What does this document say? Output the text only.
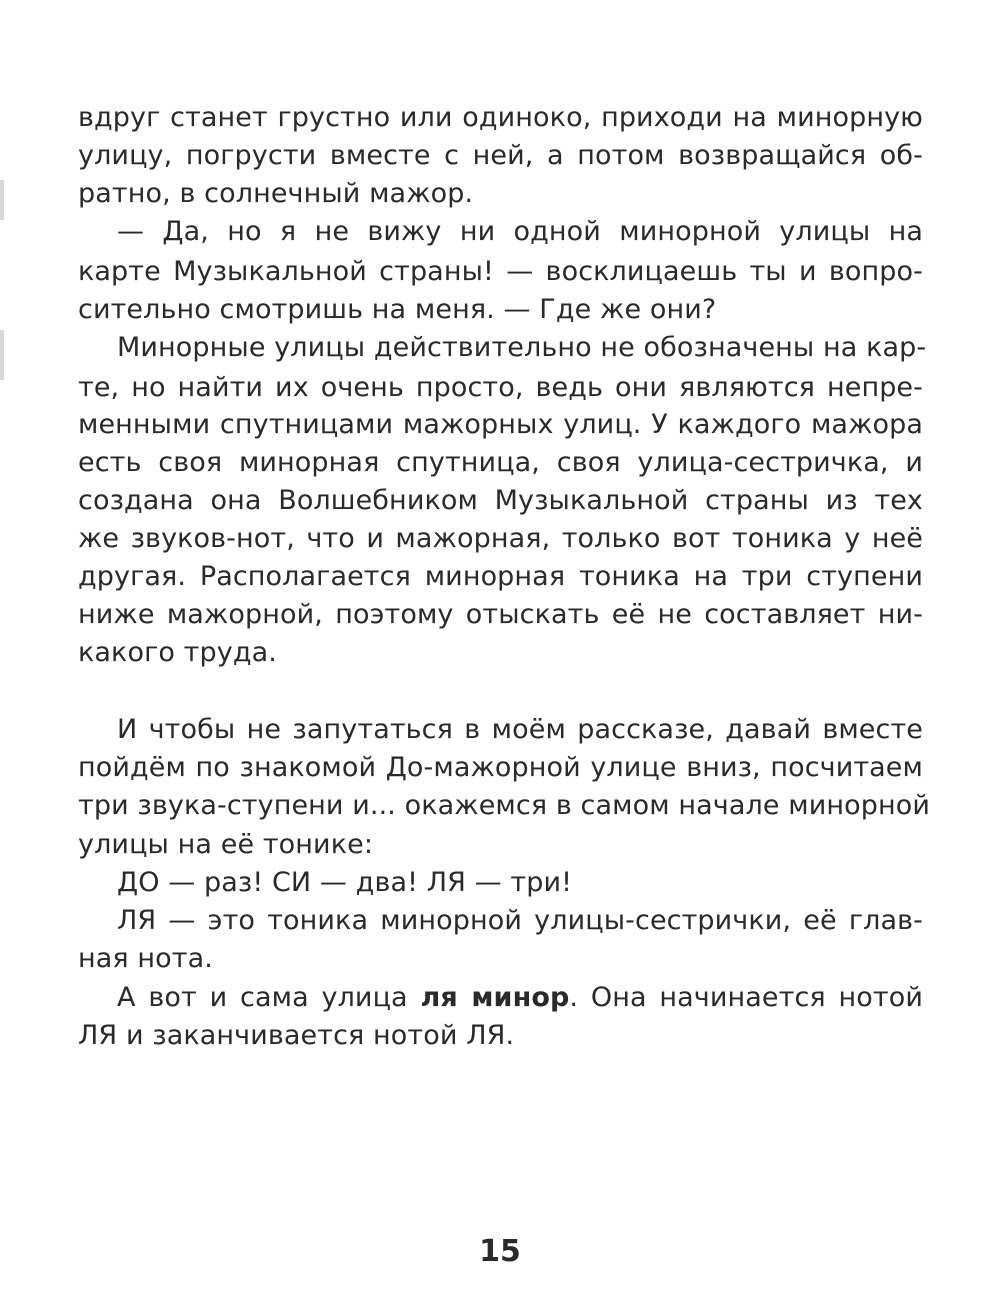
вдруг станет грустно или одиноко, приходи на минорную
улицу, погрусти вместе с ней, а потом возвращайся об-
ратно, в солнечный мажор.
— Да, но я не вижу ни одной минорной улицы на
карте Музыкальной страны! — восклицаешь ты и вопро-
сительно смотришь на меня. — Где же они?
Минорные улицы действительно не обозначены на кар-
те, но найти их очень просто, ведь они являются непре-
менными спутницами мажорных улиц. У каждого мажора
есть своя минорная спутница, своя улица-сестричка, и
создана она Волшебником Музыкальной страны из тех
же звуков-нот, что и мажорная, только вот тоника у неё
другая. Располагается минорная тоника на три ступени
ниже мажорной, поэтому отыскать её не составляет ни-
какого труда.
И чтобы не запутаться в моём рассказе, давай вместе
пойдём по знакомой До-мажорной улице вниз, посчитаем
три звука-ступени и... окажемся в самом начале минорной
улицы на её тонике:
ДО — раз! СИ — два! ЛЯ — три!
ЛЯ — это тоника минорной улицы-сестрички, её глав-
ная нота.
А вот и сама улица ля минор. Она начинается нотой
ЛЯ и заканчивается нотой ЛЯ.
15
